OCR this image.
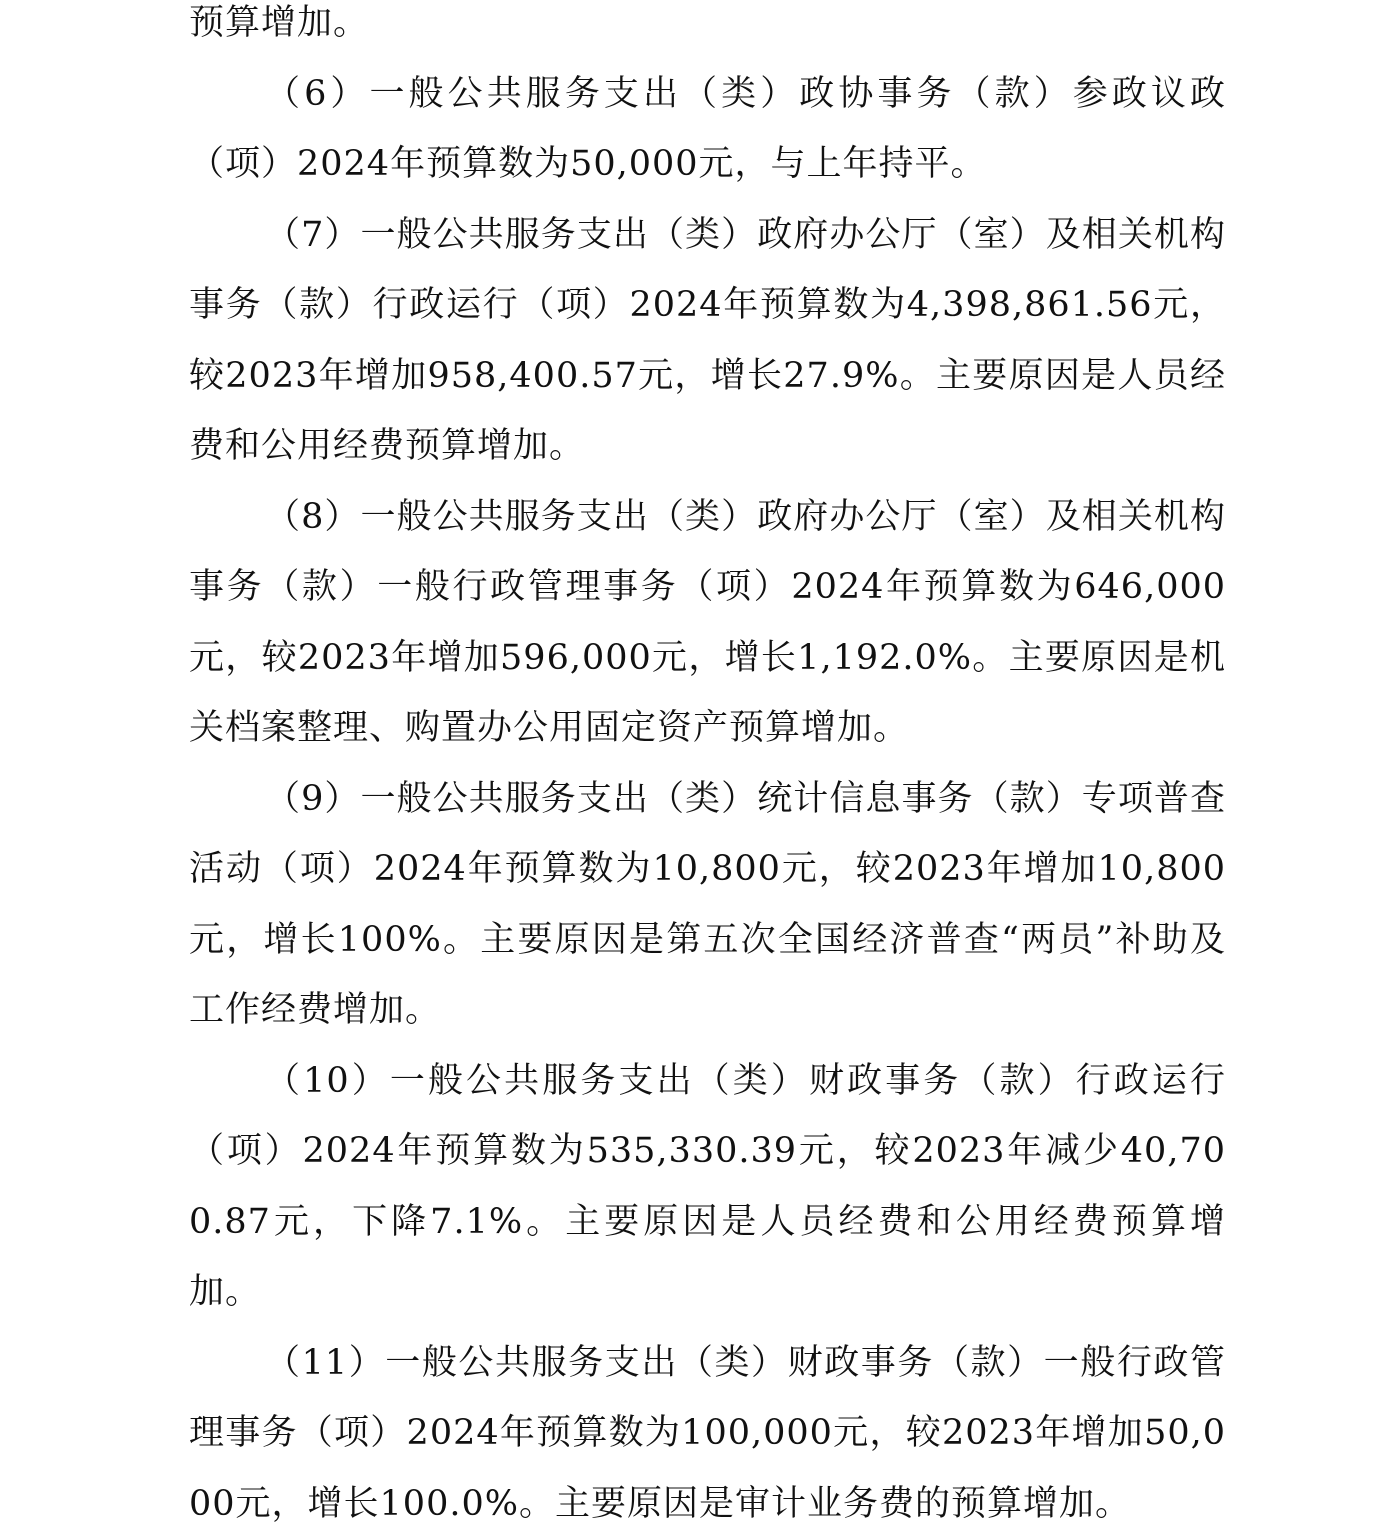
预算增加。

（6）一般公共服务支出（类）政协事务（款）参政议政（项）2024年预算数为50,000元，与上年持平。

（7）一般公共服务支出（类）政府办公厅（室）及相关机构事务（款）行政运行（项）2024年预算数为4,398,861.56元，较2023年增加958,400.57元，增长27.9%。主要原因是人员经费和公用经费预算增加。

（8）一般公共服务支出（类）政府办公厅（室）及相关机构事务（款）一般行政管理事务（项）2024年预算数为646,000元，较2023年增加596,000元，增长1,192.0%。主要原因是机关档案整理、购置办公用固定资产预算增加。

（9）一般公共服务支出（类）统计信息事务（款）专项普查活动（项）2024年预算数为10,800元，较2023年增加10,800元，增长100%。主要原因是第五次全国经济普查“两员”补助及工作经费增加。

（10）一般公共服务支出（类）财政事务（款）行政运行（项）2024年预算数为535,330.39元，较2023年减少40,700.87元，下降7.1%。主要原因是人员经费和公用经费预算增加。

（11）一般公共服务支出（类）财政事务（款）一般行政管理事务（项）2024年预算数为100,000元，较2023年增加50,000元，增长100.0%。主要原因是审计业务费的预算增加。
